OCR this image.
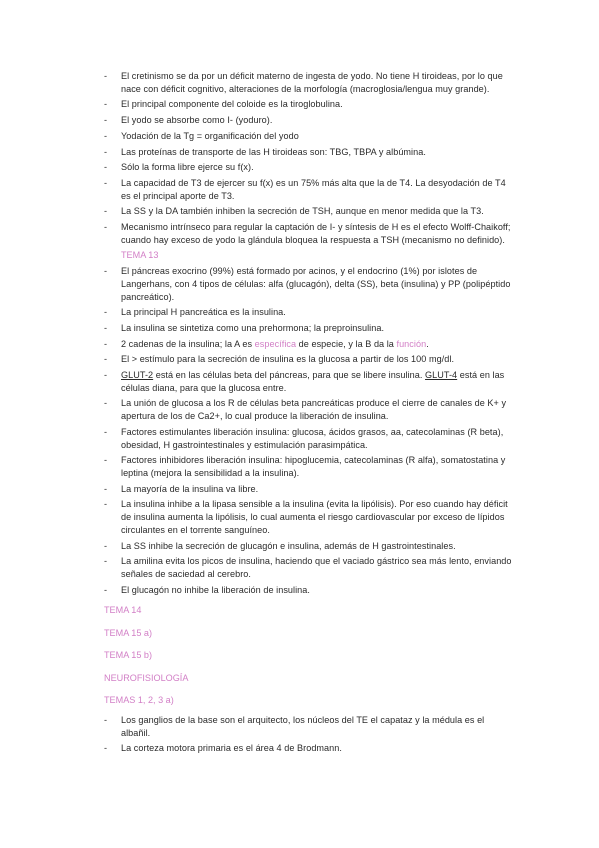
- El cretinismo se da por un déficit materno de ingesta de yodo. No tiene H tiroideas, por lo que nace con déficit cognitivo, alteraciones de la morfología (macroglosia/lengua muy grande).
- El principal componente del coloide es la tiroglobulina.
- El yodo se absorbe como I- (yoduro).
- Yodación de la Tg = organificación del yodo
- Las proteínas de transporte de las H tiroideas son: TBG, TBPA y albúmina.
- Sólo la forma libre ejerce su f(x).
- La capacidad de T3 de ejercer su f(x) es un 75% más alta que la de T4. La desyodación de T4 es el principal aporte de T3.
- La SS y la DA también inhiben la secreción de TSH, aunque en menor medida que la T3.
- Mecanismo intrínseco para regular la captación de I- y síntesis de H es el efecto Wolff-Chaikoff; cuando hay exceso de yodo la glándula bloquea la respuesta a TSH (mecanismo no definido).
TEMA 13
- El páncreas exocrino (99%) está formado por acinos, y el endocrino (1%) por islotes de Langerhans, con 4 tipos de células: alfa (glucagón), delta (SS), beta (insulina) y PP (polipéptido pancreático).
- La principal H pancreática es la insulina.
- La insulina se sintetiza como una prehormona; la preproinsulina.
- 2 cadenas de la insulina; la A es específica de especie, y la B da la función.
- El > estímulo para la secreción de insulina es la glucosa a partir de los 100 mg/dl.
- GLUT-2 está en las células beta del páncreas, para que se libere insulina. GLUT-4 está en las células diana, para que la glucosa entre.
- La unión de glucosa a los R de células beta pancreáticas produce el cierre de canales de K+ y apertura de los de Ca2+, lo cual produce la liberación de insulina.
- Factores estimulantes liberación insulina: glucosa, ácidos grasos, aa, catecolaminas (R beta), obesidad, H gastrointestinales y estimulación parasimpática.
- Factores inhibidores liberación insulina: hipoglucemia, catecolaminas (R alfa), somatostatina y leptina (mejora la sensibilidad a la insulina).
- La mayoría de la insulina va libre.
- La insulina inhibe a la lipasa sensible a la insulina (evita la lipólisis). Por eso cuando hay déficit de insulina aumenta la lipólisis, lo cual aumenta el riesgo cardiovascular por exceso de lípidos circulantes en el torrente sanguíneo.
- La SS inhibe la secreción de glucagón e insulina, además de H gastrointestinales.
- La amilina evita los picos de insulina, haciendo que el vaciado gástrico sea más lento, enviando señales de saciedad al cerebro.
- El glucagón no inhibe la liberación de insulina.
TEMA 14
TEMA 15 a)
TEMA 15 b)
NEUROFISIOLOGÍA
TEMAS 1, 2, 3 a)
- Los ganglios de la base son el arquitecto, los núcleos del TE el capataz y la médula es el albañil.
- La corteza motora primaria es el área 4 de Brodmann.
